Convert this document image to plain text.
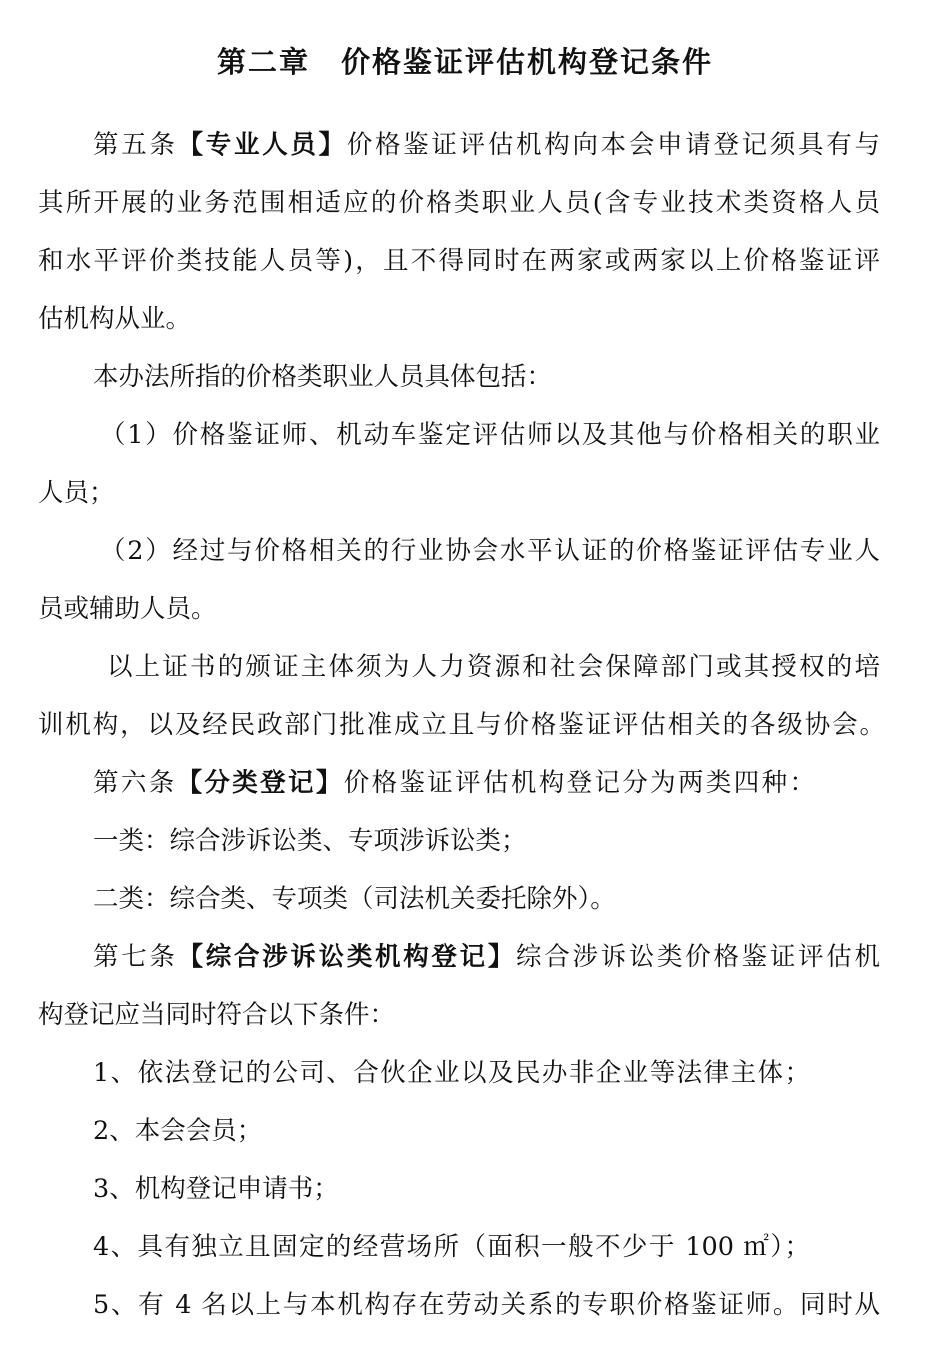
第二章　价格鉴证评估机构登记条件
第五条【专业人员】价格鉴证评估机构向本会申请登记须具有与
其所开展的业务范围相适应的价格类职业人员(含专业技术类资格人员
和水平评价类技能人员等)，且不得同时在两家或两家以上价格鉴证评
估机构从业。
本办法所指的价格类职业人员具体包括：
（1）价格鉴证师、机动车鉴定评估师以及其他与价格相关的职业
人员；
（2）经过与价格相关的行业协会水平认证的价格鉴证评估专业人
员或辅助人员。
以上证书的颁证主体须为人力资源和社会保障部门或其授权的培
训机构，以及经民政部门批准成立且与价格鉴证评估相关的各级协会。
第六条【分类登记】价格鉴证评估机构登记分为两类四种：
一类：综合涉诉讼类、专项涉诉讼类；
二类：综合类、专项类（司法机关委托除外）。
第七条【综合涉诉讼类机构登记】综合涉诉讼类价格鉴证评估机
构登记应当同时符合以下条件：
1、依法登记的公司、合伙企业以及民办非企业等法律主体；
2、本会会员；
3、机构登记申请书；
4、具有独立且固定的经营场所（面积一般不少于 100 ㎡）；
5、有 4 名以上与本机构存在劳动关系的专职价格鉴证师。同时从
